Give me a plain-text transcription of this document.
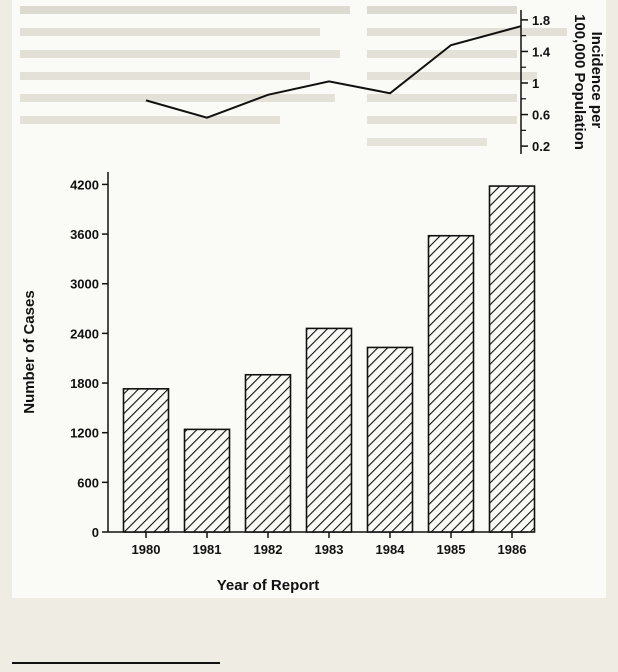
0
600
1200
1800
2400
3000
3600
4200
1980 1981 1982 1983 1984 1985 1986
Year of Report
Number of Cases
0.2
0.6
1
1.4
1.8
Incidence per 100,000 Population
